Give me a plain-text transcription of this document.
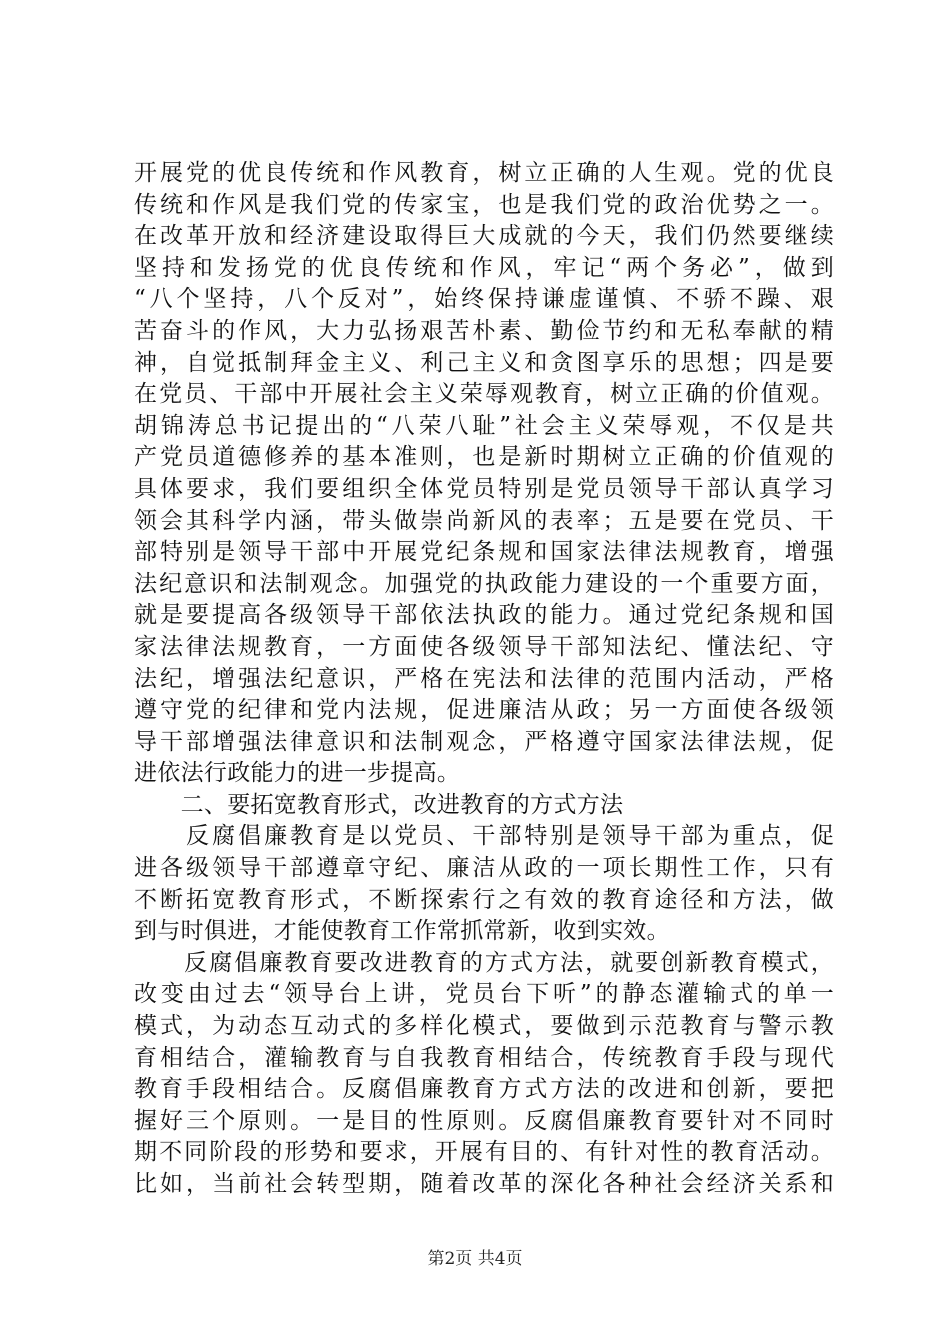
开展党的优良传统和作风教育，树立正确的人生观。党的优良
传统和作风是我们党的传家宝，也是我们党的政治优势之一。
在改革开放和经济建设取得巨大成就的今天，我们仍然要继续
坚持和发扬党的优良传统和作风，牢记“两个务必”，做到
“八个坚持，八个反对”，始终保持谦虚谨慎、不骄不躁、艰
苦奋斗的作风，大力弘扬艰苦朴素、勤俭节约和无私奉献的精
神，自觉抵制拜金主义、利己主义和贪图享乐的思想；四是要
在党员、干部中开展社会主义荣辱观教育，树立正确的价值观。
胡锦涛总书记提出的“八荣八耻”社会主义荣辱观，不仅是共
产党员道德修养的基本准则，也是新时期树立正确的价值观的
具体要求，我们要组织全体党员特别是党员领导干部认真学习
领会其科学内涵，带头做崇尚新风的表率；五是要在党员、干
部特别是领导干部中开展党纪条规和国家法律法规教育，增强
法纪意识和法制观念。加强党的执政能力建设的一个重要方面，
就是要提高各级领导干部依法执政的能力。通过党纪条规和国
家法律法规教育，一方面使各级领导干部知法纪、懂法纪、守
法纪，增强法纪意识，严格在宪法和法律的范围内活动，严格
遵守党的纪律和党内法规，促进廉洁从政；另一方面使各级领
导干部增强法律意识和法制观念，严格遵守国家法律法规，促
进依法行政能力的进一步提高。
　　二、要拓宽教育形式，改进教育的方式方法
　　反腐倡廉教育是以党员、干部特别是领导干部为重点，促
进各级领导干部遵章守纪、廉洁从政的一项长期性工作，只有
不断拓宽教育形式，不断探索行之有效的教育途径和方法，做
到与时俱进，才能使教育工作常抓常新，收到实效。
　　反腐倡廉教育要改进教育的方式方法，就要创新教育模式，
改变由过去“领导台上讲，党员台下听”的静态灌输式的单一
模式，为动态互动式的多样化模式，要做到示范教育与警示教
育相结合，灌输教育与自我教育相结合，传统教育手段与现代
教育手段相结合。反腐倡廉教育方式方法的改进和创新，要把
握好三个原则。一是目的性原则。反腐倡廉教育要针对不同时
期不同阶段的形势和要求，开展有目的、有针对性的教育活动。
比如，当前社会转型期，随着改革的深化各种社会经济关系和
第2页 共4页
